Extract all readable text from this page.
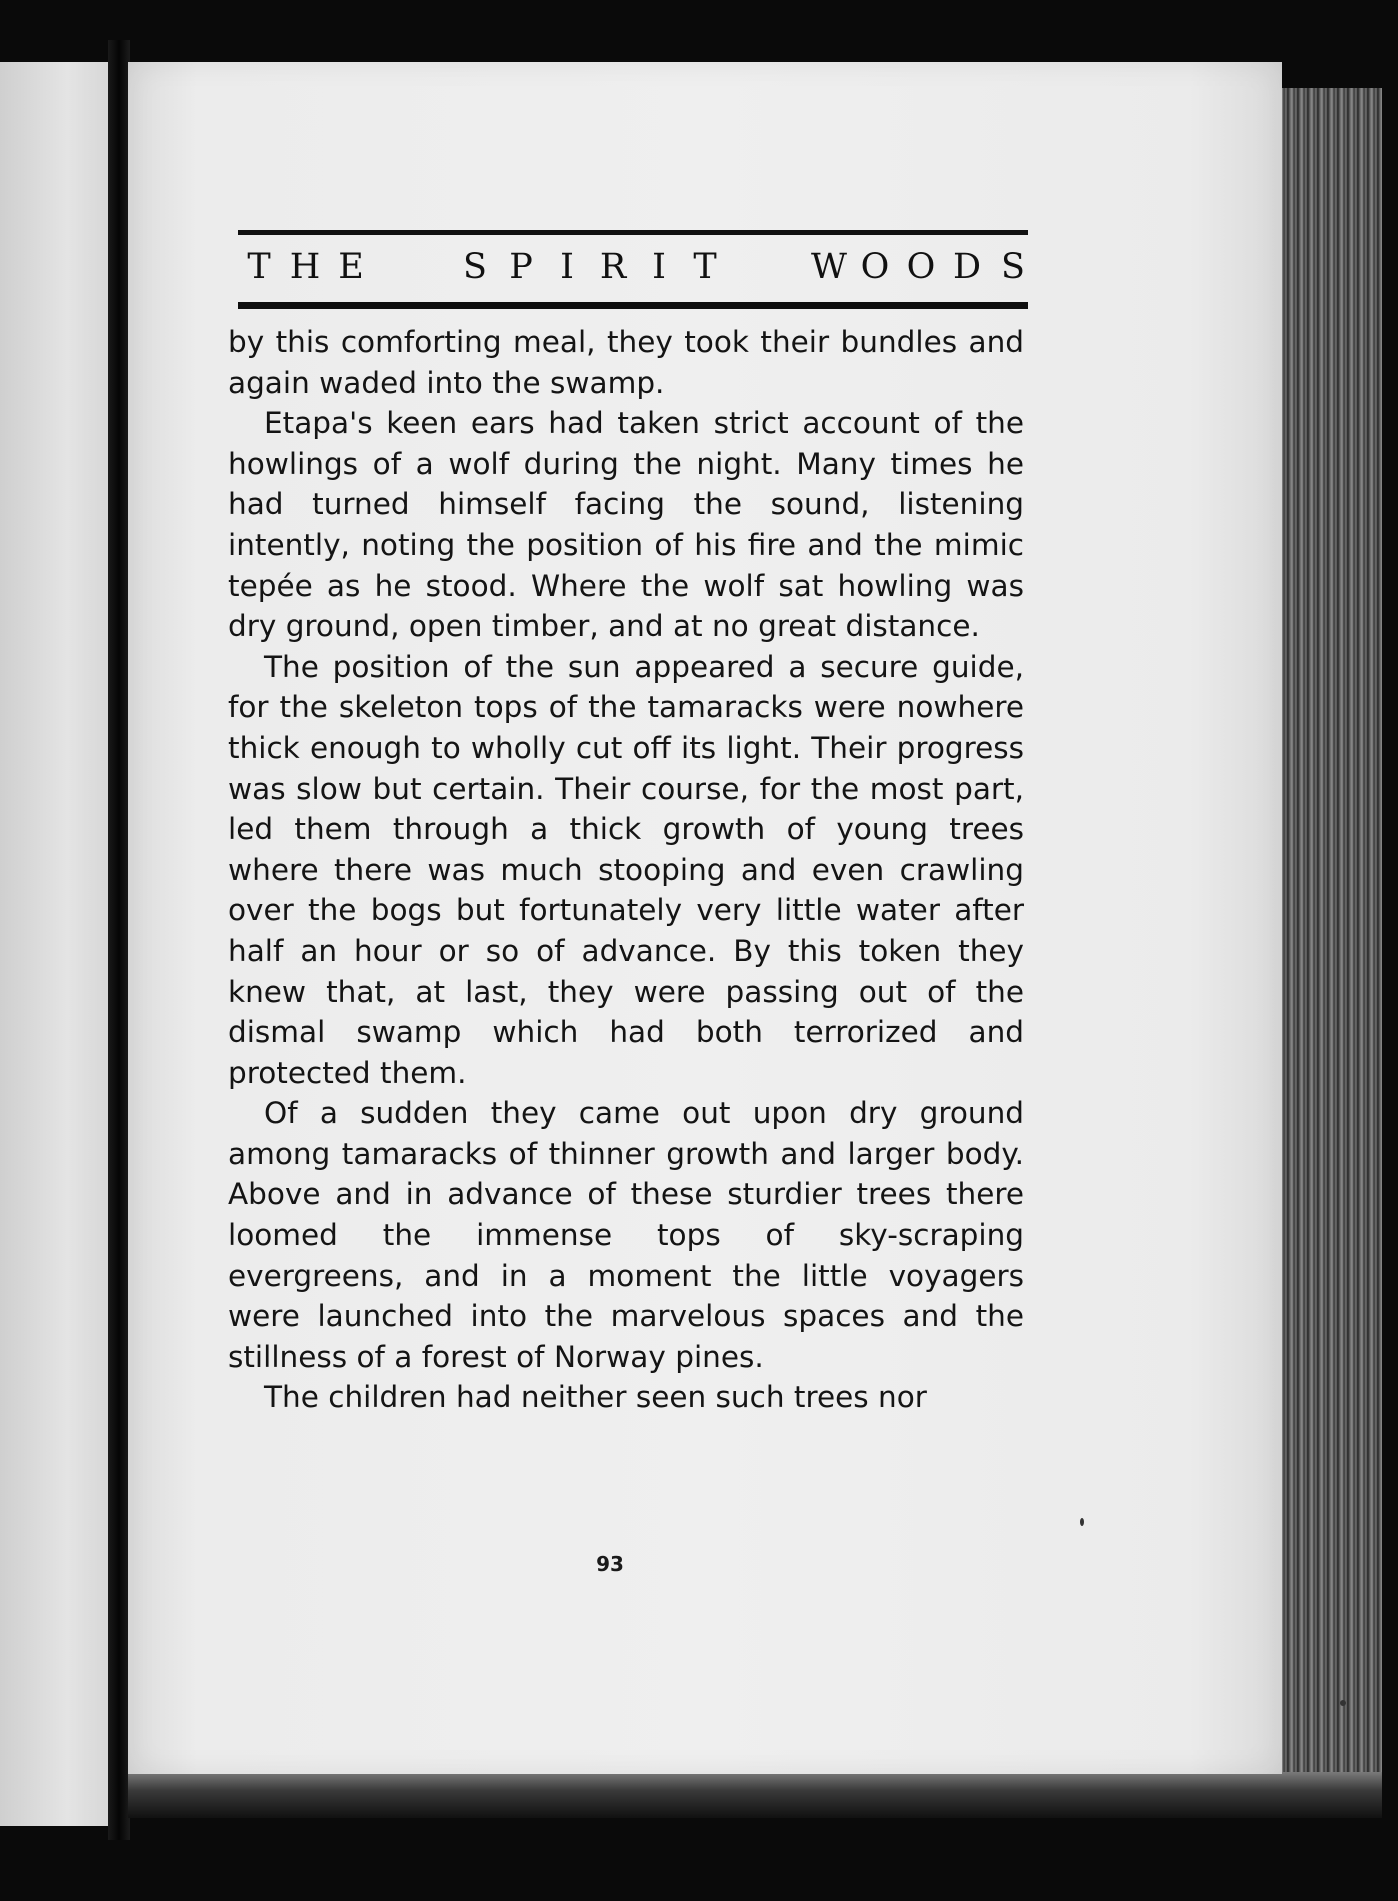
T H E	S P I R I T	W O O D S

by this comforting meal, they took their bundles and again waded into the swamp.

Etapa's keen ears had taken strict account of the howlings of a wolf during the night. Many times he had turned himself facing the sound, listening intently, noting the position of his fire and the mimic tepée as he stood. Where the wolf sat howling was dry ground, open timber, and at no great distance.

The position of the sun appeared a secure guide, for the skeleton tops of the tamaracks were nowhere thick enough to wholly cut off its light. Their progress was slow but certain. Their course, for the most part, led them through a thick growth of young trees where there was much stooping and even crawling over the bogs but fortunately very little water after half an hour or so of advance. By this token they knew that, at last, they were passing out of the dismal swamp which had both terrorized and protected them.

Of a sudden they came out upon dry ground among tamaracks of thinner growth and larger body. Above and in advance of these sturdier trees there loomed the immense tops of sky-scraping evergreens, and in a moment the little voyagers were launched into the marvelous spaces and the stillness of a forest of Norway pines.

The children had neither seen such trees nor

93
